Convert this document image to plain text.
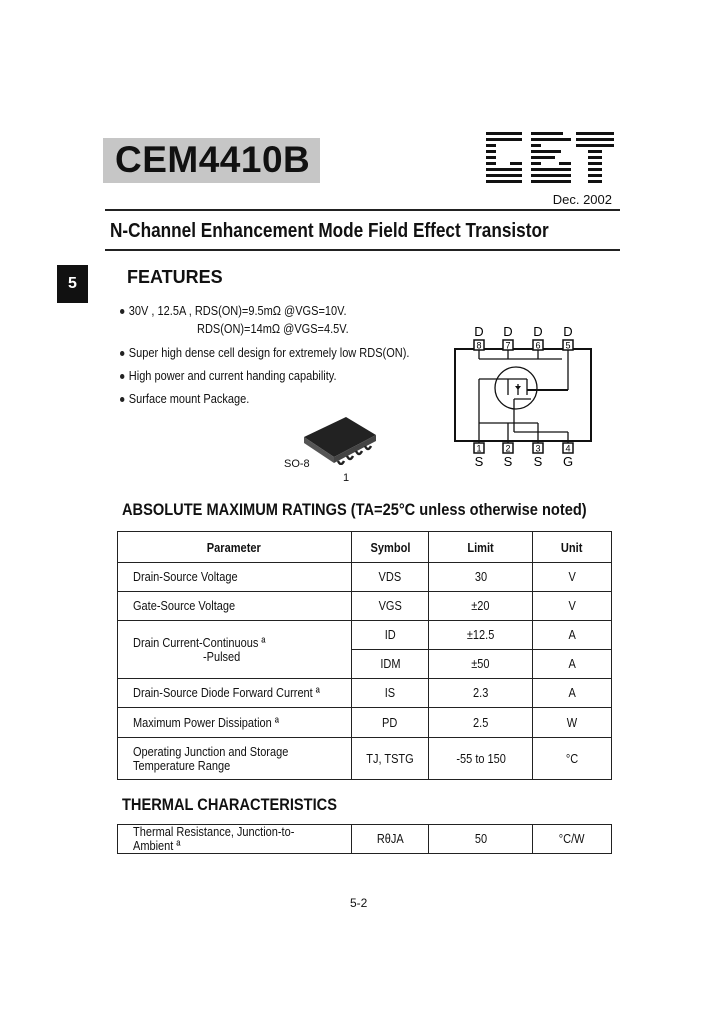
CEM4410B
Dec. 2002
N-Channel Enhancement Mode Field Effect Transistor
5	FEATURES
30V , 12.5A , RDS(ON)=9.5mΩ @VGS=10V.
RDS(ON)=14mΩ @VGS=4.5V.
Super high dense cell design for extremely low RDS(ON).
High power and current handing capability.
Surface mount Package.
SO-8
1
8
D
7
D
6
D
5
D
1
S
2
S
3
S
4
G
ABSOLUTE MAXIMUM RATINGS (TA=25°C unless otherwise noted)
Parameter	Symbol	Limit	Unit
Drain-Source Voltage	VDS	30	V
Gate-Source Voltage	VGS	±20	V
Drain Current-Continuous ª
-Pulsed	ID	±12.5	A
	IDM	±50	A
Drain-Source Diode Forward Current ª	IS	2.3	A
Maximum Power Dissipation ª	PD	2.5	W
Operating Junction and Storage
Temperature Range	TJ, TSTG	-55 to 150	°C
THERMAL CHARACTERISTICS
Thermal Resistance, Junction-to-Ambient ª	RθJA	50	°C/W
5-2
